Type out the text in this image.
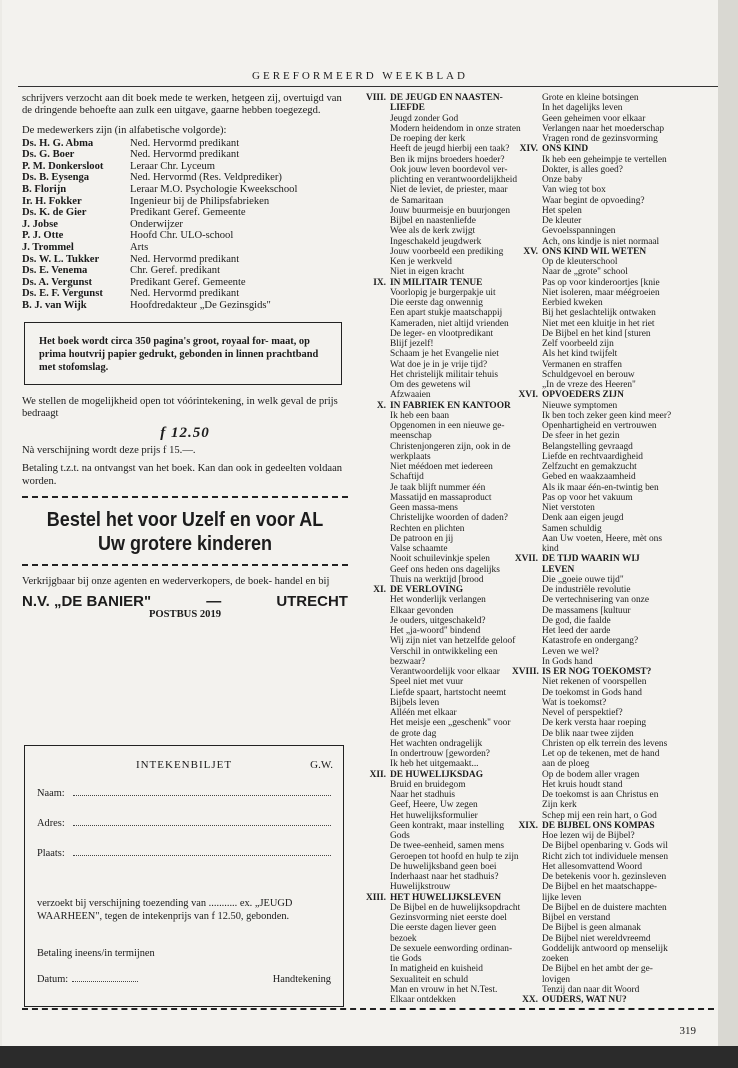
GEREFORMEERD WEEKBLAD

schrijvers verzocht aan dit boek mede te werken, hetgeen zij, overtuigd van de dringende behoefte aan zulk een uitgave, gaarne hebben toegezegd.

De medewerkers zijn (in alfabetische volgorde):

Ds. H. G. Abma	Ned. Hervormd predikant
Ds. G. Boer	Ned. Hervormd predikant
P. M. Donkersloot	Leraar Chr. Lyceum
Ds. B. Eysenga	Ned. Hervormd (Res. Veldprediker)
B. Florijn	Leraar M.O. Psychologie Kweekschool
Ir. H. Fokker	Ingenieur bij de Philipsfabrieken
Ds. K. de Gier	Predikant Geref. Gemeente
J. Jobse	Onderwijzer
P. J. Otte	Hoofd Chr. ULO-school
J. Trommel	Arts
Ds. W. L. Tukker	Ned. Hervormd predikant
Ds. E. Venema	Chr. Geref. predikant
Ds. A. Vergunst	Predikant Geref. Gemeente
Ds. E. F. Vergunst	Ned. Hervormd predikant
B. J. van Wijk	Hoofdredakteur „De Gezinsgids"
Het boek wordt circa 350 pagina's groot, royaal for- maat, op prima houtvrij papier gedrukt, gebonden in linnen prachtband met stofomslag.

We stellen de mogelijkheid open tot vóórintekening, in welk geval de prijs bedraagt

f 12.50

Nà verschijning wordt deze prijs f 15.—.

Betaling t.z.t. na ontvangst van het boek. Kan dan ook in gedeelten voldaan worden.

Bestel het voor Uzelf en voor AL Uw grotere kinderen

Verkrijgbaar bij onze agenten en wederverkopers, de boek- handel en bij

N.V. „DE BANIER"	—	UTRECHT
POSTBUS 2019
INTEKENBILJET	G.W.
Naam:
Adres:
Plaats:
verzoekt bij verschijning toezending van ........... ex. „JEUGD WAARHEEN", tegen de intekenprijs van f 12.50, gebonden.
Betaling ineens/in termijnen
Datum:	Handtekening
VIII. DE JEUGD EN NAASTEN-
LIEFDE
Jeugd zonder God
Modern heidendom in onze straten
De roeping der kerk
Heeft de jeugd hierbij een taak?
Ben ik mijns broeders hoeder?
Ook jouw leven boordevol ver-
plichting en verantwoordelijkheid
Niet de leviet, de priester, maar
de Samaritaan
Jouw buurmeisje en buurjongen
Bijbel en naastenliefde
Wee als de kerk zwijgt
Ingeschakeld jeugdwerk
Jouw voorbeeld een prediking
Ken je werkveld
Niet in eigen kracht
IX. IN MILITAIR TENUE
Voorlopig je burgerpakje uit
Die eerste dag onwennig
Een apart stukje maatschappij
Kameraden, niet altijd vrienden
De leger- en vlootpredikant
Blijf jezelf!
Schaam je het Evangelie niet
Wat doe je in je vrije tijd?
Het christelijk militair tehuis
Om des gewetens wil
Afzwaaien
X. IN FABRIEK EN KANTOOR
Ik heb een baan
Opgenomen in een nieuwe ge-
meenschap
Christenjongeren zijn, ook in de
werkplaats
Niet méédoen met iedereen
Schaftijd
Je taak blijft nummer één
Massatijd en massaproduct
Geen massa-mens
Christelijke woorden of daden?
Rechten en plichten
De patroon en jij
Valse schaamte
Nooit schuilevinkje spelen
Geef ons heden ons dagelijks
Thuis na werktijd [brood
XI. DE VERLOVING
Het wonderlijk verlangen
Elkaar gevonden
Je ouders, uitgeschakeld?
Het „ja-woord" bindend
Wij zijn niet van hetzelfde geloof
Verschil in ontwikkeling een
bezwaar?
Verantwoordelijk voor elkaar
Speel niet met vuur
Liefde spaart, hartstocht neemt
Bijbels leven
Alléén met elkaar
Het meisje een „geschenk" voor
de grote dag
Het wachten ondragelijk
In ondertrouw [geworden?
Ik heb het uitgemaakt...
XII. DE HUWELIJKSDAG
Bruid en bruidegom
Naar het stadhuis
Geef, Heere, Uw zegen
Het huwelijksformulier
Geen kontrakt, maar instelling
Gods
De twee-eenheid, samen mens
Geroepen tot hoofd en hulp te zijn
De huwelijksband geen boei
Inderhaast naar het stadhuis?
Huwelijkstrouw
XIII. HET HUWELIJKSLEVEN
De Bijbel en de huwelijksopdracht
Gezinsvorming niet eerste doel
Die eerste dagen liever geen
bezoek
De sexuele eenwording ordinan-
tie Gods
In matigheid en kuisheid
Sexualiteit en schuld
Man en vrouw in het N.Test.
Elkaar ontdekken
Grote en kleine botsingen
In het dagelijks leven
Geen geheimen voor elkaar
Verlangen naar het moederschap
Vragen rond de gezinsvorming
XIV. ONS KIND
Ik heb een geheimpje te vertellen
Dokter, is alles goed?
Onze baby
Van wieg tot box
Waar begint de opvoeding?
Het spelen
De kleuter
Gevoelsspanningen
Ach, ons kindje is niet normaal
XV. ONS KIND WIL WETEN
Op de kleuterschool
Naar de „grote" school
Pas op voor kinderoortjes [knie
Niet isoleren, maar méégroeien
Eerbied kweken
Bij het geslachtelijk ontwaken
Niet met een kluitje in het riet
De Bijbel en het kind [sturen
Zelf voorbeeld zijn
Als het kind twijfelt
Vermanen en straffen
Schuldgevoel en berouw
„In de vreze des Heeren"
XVI. OPVOEDERS ZIJN
Nieuwe symptomen
Ik ben toch zeker geen kind meer?
Openhartigheid en vertrouwen
De sfeer in het gezin
Belangstelling gevraagd
Liefde en rechtvaardigheid
Zelfzucht en gemakzucht
Gebed en waakzaamheid
Als ik maar één-en-twintig ben
Pas op voor het vakuum
Niet verstoten
Denk aan eigen jeugd
Samen schuldig
Aan Uw voeten, Heere, mèt ons
kind
XVII. DE TIJD WAARIN WIJ
LEVEN
Die „goeie ouwe tijd"
De industriële revolutie
De vertechnisering van onze
De massamens [kultuur
De god, die faalde
Het leed der aarde
Katastrofe en ondergang?
Leven we wel?
In Gods hand
XVIII. IS ER NOG TOEKOMST?
Niet rekenen of voorspellen
De toekomst in Gods hand
Wat is toekomst?
Nevel of perspektief?
De kerk versta haar roeping
De blik naar twee zijden
Christen op elk terrein des levens
Let op de tekenen, met de hand
aan de ploeg
Op de bodem aller vragen
Het kruis houdt stand
De toekomst is aan Christus en
Zijn kerk
Schep mij een rein hart, o God
XIX. DE BIJBEL ONS KOMPAS
Hoe lezen wij de Bijbel?
De Bijbel openbaring v. Gods wil
Richt zich tot individuele mensen
Het allesomvattend Woord
De betekenis voor h. gezinsleven
De Bijbel en het maatschappe-
lijke leven
De Bijbel en de duistere machten
Bijbel en verstand
De Bijbel is geen almanak
De Bijbel niet wereldvreemd
Goddelijk antwoord op menselijk
zoeken
De Bijbel en het ambt der ge-
lovigen
Tenzij dan naar dit Woord
XX. OUDERS, WAT NU?
319
